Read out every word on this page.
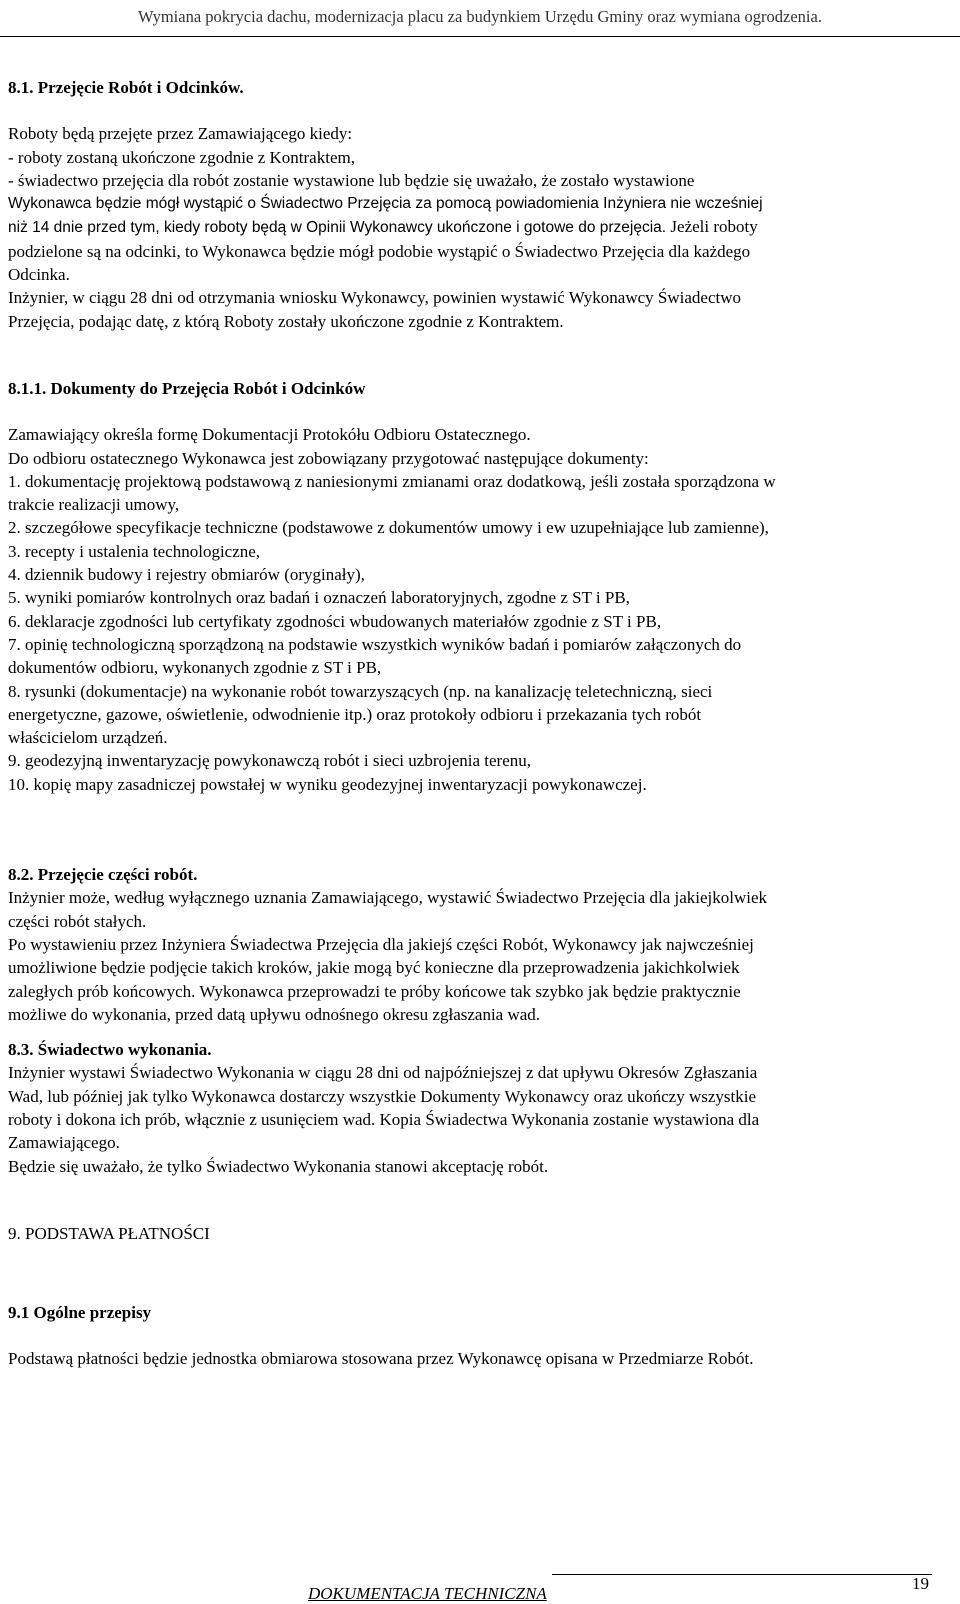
Wymiana pokrycia dachu, modernizacja placu za budynkiem Urzędu Gminy oraz wymiana ogrodzenia.
8.1. Przejęcie Robót i Odcinków.
Roboty będą przejęte przez Zamawiającego kiedy:
- roboty zostaną ukończone zgodnie z Kontraktem,
- świadectwo przejęcia dla robót zostanie wystawione lub będzie się uważało, że zostało wystawione
Wykonawca będzie mógł wystąpić o Świadectwo Przejęcia za pomocą powiadomienia Inżyniera nie wcześniej
niż 14 dnie przed tym, kiedy roboty będą w Opinii Wykonawcy ukończone i gotowe do przejęcia. Jeżeli roboty
podzielone są na odcinki, to Wykonawca będzie mógł podobie wystąpić o Świadectwo Przejęcia dla każdego
Odcinka.
Inżynier, w ciągu 28 dni od otrzymania wniosku Wykonawcy, powinien wystawić Wykonawcy Świadectwo
Przejęcia, podając datę, z którą Roboty zostały ukończone zgodnie z Kontraktem.
8.1.1. Dokumenty do Przejęcia Robót i Odcinków
Zamawiający określa formę Dokumentacji Protokółu Odbioru Ostatecznego.
Do odbioru ostatecznego Wykonawca jest zobowiązany przygotować następujące dokumenty:
1. dokumentację projektową podstawową z naniesionymi zmianami oraz dodatkową, jeśli została sporządzona w
trakcie realizacji umowy,
2. szczegółowe specyfikacje techniczne (podstawowe z dokumentów umowy i ew uzupełniające lub zamienne),
3. recepty i ustalenia technologiczne,
4. dziennik budowy i rejestry obmiarów (oryginały),
5. wyniki pomiarów kontrolnych oraz badań i oznaczeń laboratoryjnych, zgodne z ST i PB,
6. deklaracje zgodności lub certyfikaty zgodności wbudowanych materiałów zgodnie z ST i PB,
7. opinię technologiczną sporządzoną na podstawie wszystkich wyników badań i pomiarów załączonych do
dokumentów odbioru, wykonanych zgodnie z ST i PB,
8. rysunki (dokumentacje) na wykonanie robót towarzyszących (np. na kanalizację teletechniczną, sieci
energetyczne, gazowe, oświetlenie, odwodnienie itp.) oraz protokoły odbioru i przekazania tych robót
właścicielom urządzeń.
9. geodezyjną inwentaryzację powykonawczą robót i sieci uzbrojenia terenu,
10. kopię mapy zasadniczej powstałej w wyniku geodezyjnej inwentaryzacji powykonawczej.
8.2. Przejęcie części robót.
Inżynier może, według wyłącznego uznania Zamawiającego, wystawić Świadectwo Przejęcia dla jakiejkolwiek
części robót stałych.
Po wystawieniu przez Inżyniera Świadectwa Przejęcia dla jakiejś części Robót, Wykonawcy jak najwcześniej
umożliwione będzie podjęcie takich kroków, jakie mogą być konieczne dla przeprowadzenia jakichkolwiek
zaległych prób końcowych. Wykonawca przeprowadzi te próby końcowe tak szybko jak będzie praktycznie
możliwe do wykonania, przed datą upływu odnośnego okresu zgłaszania wad.
8.3. Świadectwo wykonania.
Inżynier wystawi Świadectwo Wykonania w ciągu 28 dni od najpóźniejszej z dat upływu Okresów Zgłaszania
Wad, lub później jak tylko Wykonawca dostarczy wszystkie Dokumenty Wykonawcy oraz ukończy wszystkie
roboty i dokona ich prób, włącznie z usunięciem wad. Kopia Świadectwa Wykonania zostanie wystawiona dla
Zamawiającego.
Będzie się uważało, że tylko Świadectwo Wykonania stanowi akceptację robót.
9. PODSTAWA PŁATNOŚCI
9.1 Ogólne przepisy
Podstawą płatności będzie jednostka obmiarowa stosowana przez Wykonawcę opisana w Przedmiarze Robót.
DOKUMENTACJA TECHNICZNA
19
